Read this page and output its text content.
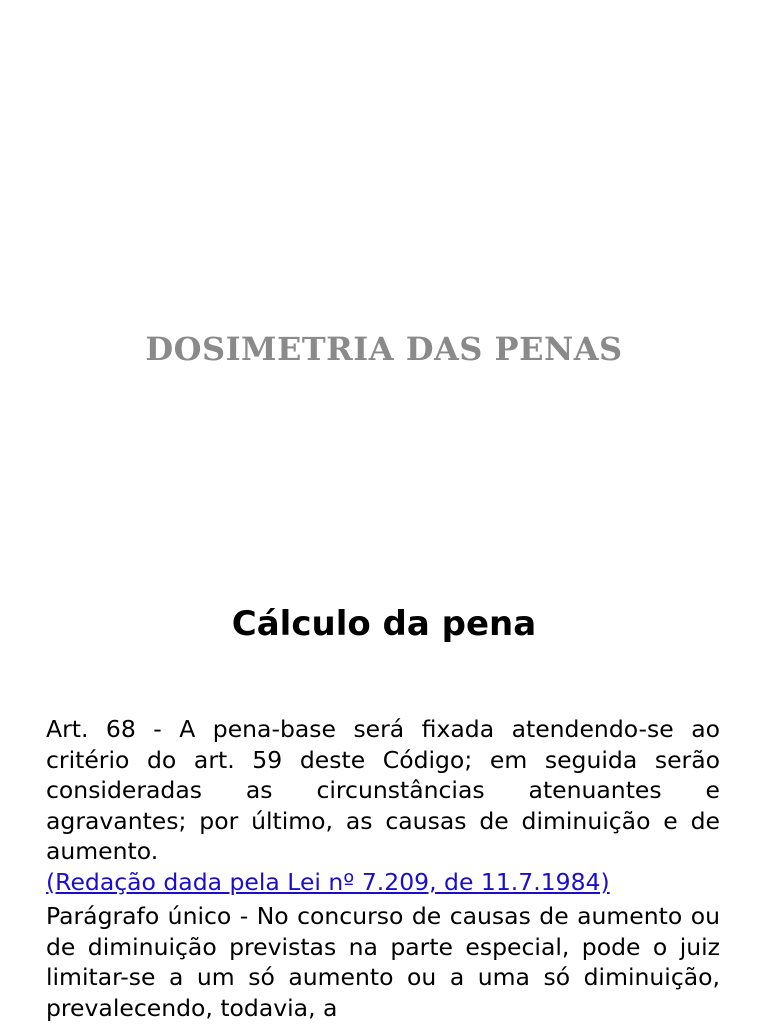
DOSIMETRIA DAS PENAS
Cálculo da pena

Art. 68 - A pena-base será fixada atendendo-se ao critério do art. 59 deste Código; em seguida serão consideradas as circunstâncias atenuantes e agravantes; por último, as causas de diminuição e de aumento.
(Redação dada pela Lei nº 7.209, de 11.7.1984)

Parágrafo único - No concurso de causas de aumento ou de diminuição previstas na parte especial, pode o juiz limitar-se a um só aumento ou a uma só diminuição, prevalecendo, todavia, a
